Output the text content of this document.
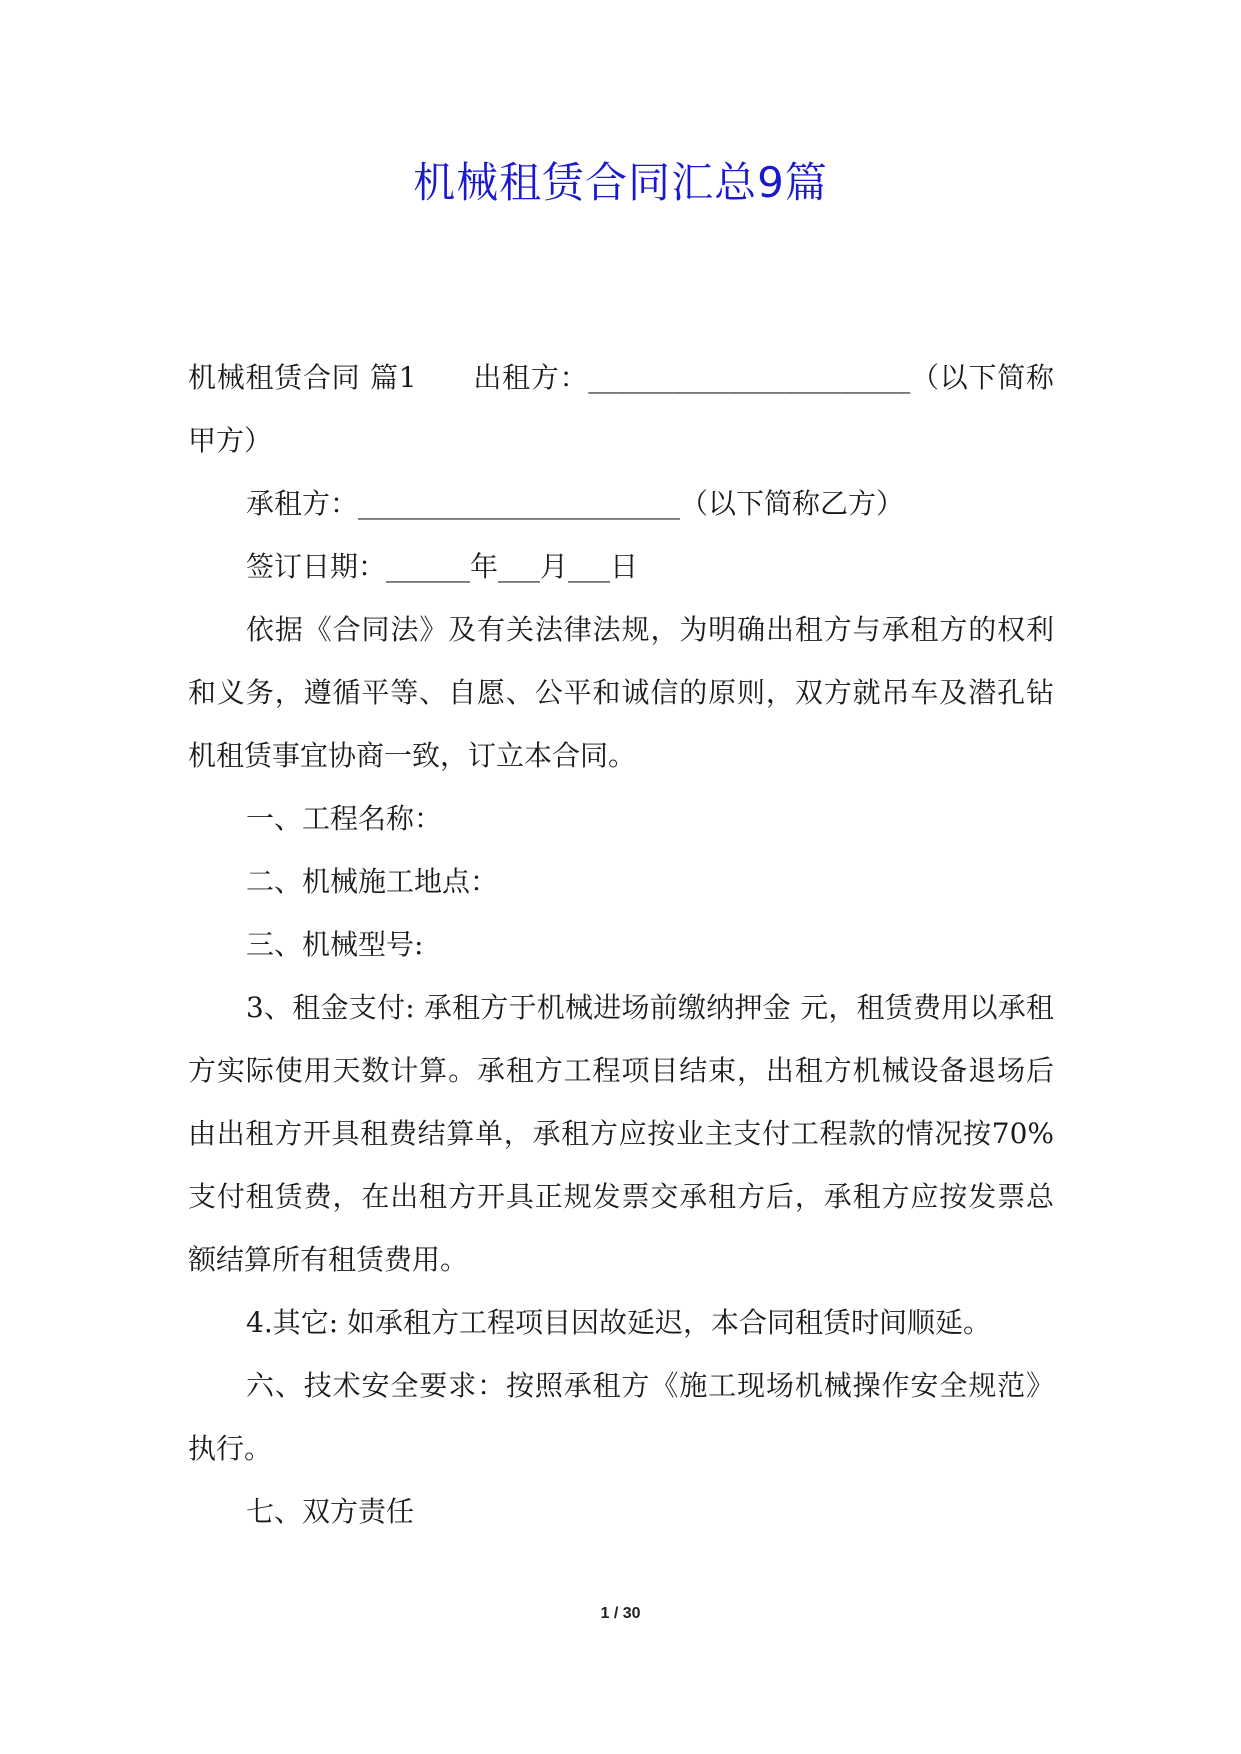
机械租赁合同汇总9篇

机械租赁合同 篇1 出租方：_______________________（以下简称甲方）

承租方：_______________________（以下简称乙方）

签订日期：______年___月___日

依据《合同法》及有关法律法规，为明确出租方与承租方的权利和义务，遵循平等、自愿、公平和诚信的原则，双方就吊车及潜孔钻机租赁事宜协商一致，订立本合同。

一、工程名称：

二、机械施工地点：

三、机械型号:

3、租金支付: 承租方于机械进场前缴纳押金 元，租赁费用以承租方实际使用天数计算。承租方工程项目结束，出租方机械设备退场后由出租方开具租费结算单，承租方应按业主支付工程款的情况按70%支付租赁费，在出租方开具正规发票交承租方后，承租方应按发票总额结算所有租赁费用。

4.其它: 如承租方工程项目因故延迟，本合同租赁时间顺延。

六、技术安全要求：按照承租方《施工现场机械操作安全规范》执行。

七、双方责任

1 / 30
